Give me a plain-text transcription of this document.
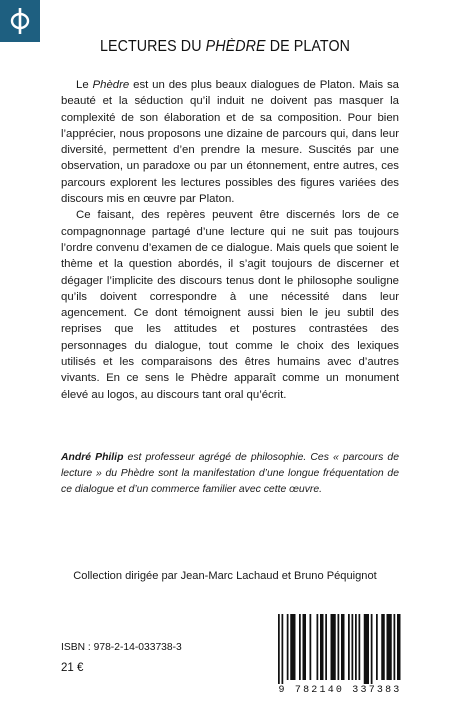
LECTURES DU PHÈDRE DE PLATON

Le Phèdre est un des plus beaux dialogues de Platon. Mais sa beauté et la séduction qu’il induit ne doivent pas masquer la complexité de son élaboration et de sa composition. Pour bien l’apprécier, nous proposons une dizaine de parcours qui, dans leur diversité, permettent d’en prendre la mesure. Suscités par une observation, un paradoxe ou par un étonnement, entre autres, ces parcours explorent les lectures possibles des figures variées des discours mis en œuvre par Platon.

Ce faisant, des repères peuvent être discernés lors de ce compagnonnage partagé d’une lecture qui ne suit pas toujours l’ordre convenu d’examen de ce dialogue. Mais quels que soient le thème et la question abordés, il s’agit toujours de discerner et dégager l’implicite des discours tenus dont le philosophe souligne qu’ils doivent correspondre à une nécessité dans leur agencement. Ce dont témoignent aussi bien le jeu subtil des reprises que les attitudes et postures contrastées des personnages du dialogue, tout comme le choix des lexiques utilisés et les comparaisons des êtres humains avec d’autres vivants. En ce sens le Phèdre apparaît comme un monument élevé au logos, au discours tant oral qu’écrit.

André Philip est professeur agrégé de philosophie. Ces « parcours de lecture » du Phèdre sont la manifestation d’une longue fréquentation de ce dialogue et d’un commerce familier avec cette œuvre.
Collection dirigée par Jean-Marc Lachaud et Bruno Péquignot
ISBN : 978-2-14-033738-3
21 €
9 782140 337383
